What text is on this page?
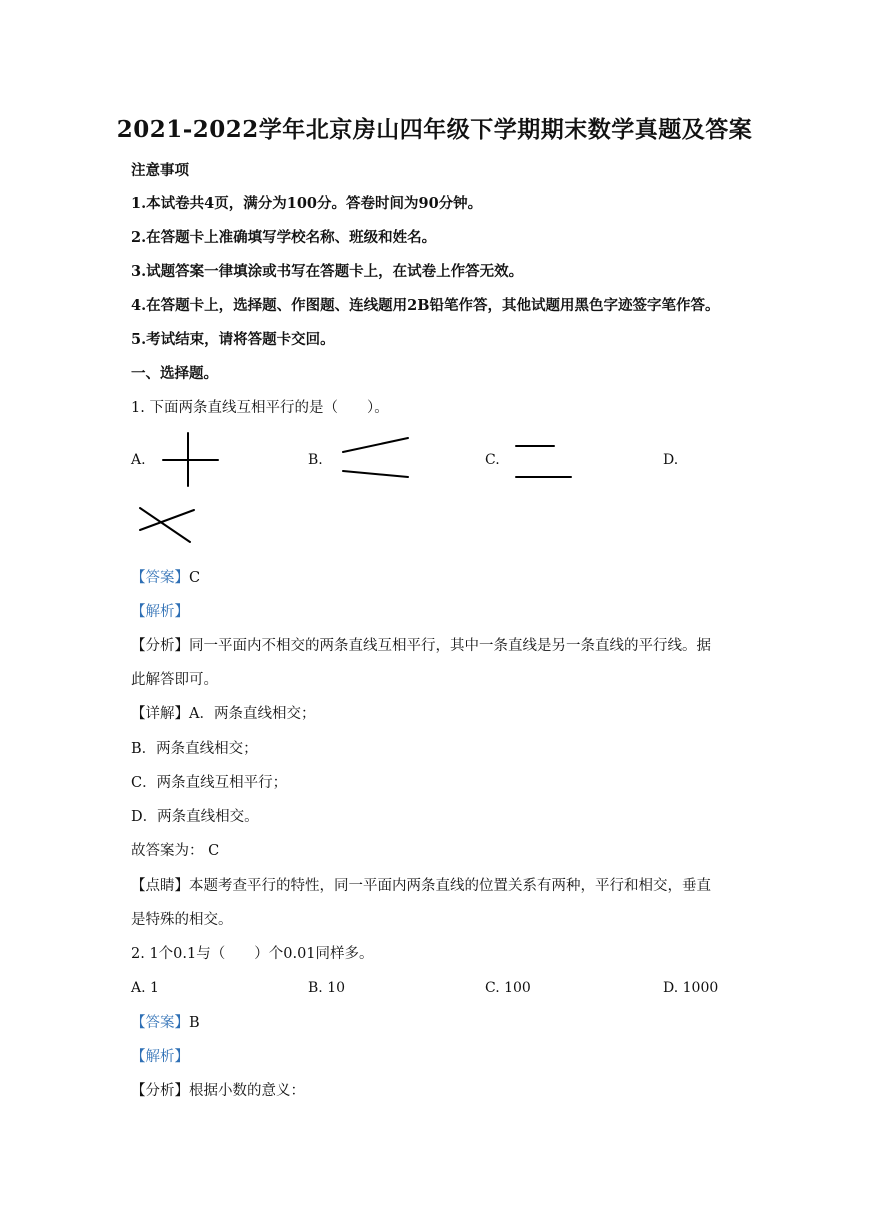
2021-2022学年北京房山四年级下学期期末数学真题及答案
注意事项
1.本试卷共4页，满分为100分。答卷时间为90分钟。
2.在答题卡上准确填写学校名称、班级和姓名。
3.试题答案一律填涂或书写在答题卡上，在试卷上作答无效。
4.在答题卡上，选择题、作图题、连线题用2B铅笔作答，其他试题用黑色字迹签字笔作答。
5.考试结束，请将答题卡交回。
一、选择题。
1. 下面两条直线互相平行的是（　　）。
A.	B.	C.	D.
【答案】C
【解析】
【分析】同一平面内不相交的两条直线互相平行，其中一条直线是另一条直线的平行线。据
此解答即可。
【详解】A．两条直线相交；
B．两条直线相交；
C．两条直线互相平行；
D．两条直线相交。
故答案为： C
【点睛】本题考查平行的特性，同一平面内两条直线的位置关系有两种，平行和相交，垂直
是特殊的相交。
2. 1个0.1与（　　）个0.01同样多。
A. 1	B. 10	C. 100	D. 1000
【答案】B
【解析】
【分析】根据小数的意义：
